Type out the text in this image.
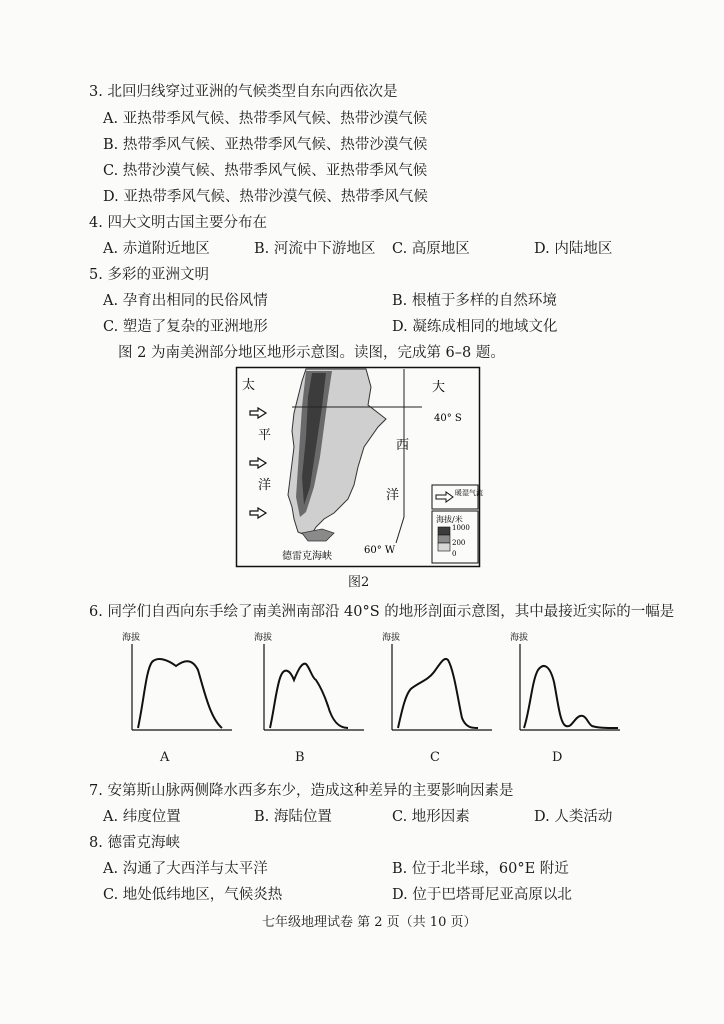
3. 北回归线穿过亚洲的气候类型自东向西依次是
A. 亚热带季风气候、热带季风气候、热带沙漠气候
B. 热带季风气候、亚热带季风气候、热带沙漠气候
C. 热带沙漠气候、热带季风气候、亚热带季风气候
D. 亚热带季风气候、热带沙漠气候、热带季风气候
4. 四大文明古国主要分布在
A. 赤道附近地区	B. 河流中下游地区 C. 高原地区	D. 内陆地区
5. 多彩的亚洲文明
A. 孕育出相同的民俗风情	B. 根植于多样的自然环境
C. 塑造了复杂的亚洲地形	D. 凝练成相同的地域文化
图 2 为南美洲部分地区地形示意图。读图，完成第 6–8 题。
太
平
洋
大
西
洋
40° S
60° W
德雷克海峡
暖湿气流
海拔/米
1000
200
0
图2
6. 同学们自西向东手绘了南美洲南部沿 40°S 的地形剖面示意图，其中最接近实际的一幅是
海拔
A
海拔
B
海拔
C
海拔
D
7. 安第斯山脉两侧降水西多东少，造成这种差异的主要影响因素是
A. 纬度位置	B. 海陆位置	C. 地形因素	D. 人类活动
8. 德雷克海峡
A. 沟通了大西洋与太平洋	B. 位于北半球，60°E 附近
C. 地处低纬地区，气候炎热	D. 位于巴塔哥尼亚高原以北
七年级地理试卷 第 2 页（共 10 页）
